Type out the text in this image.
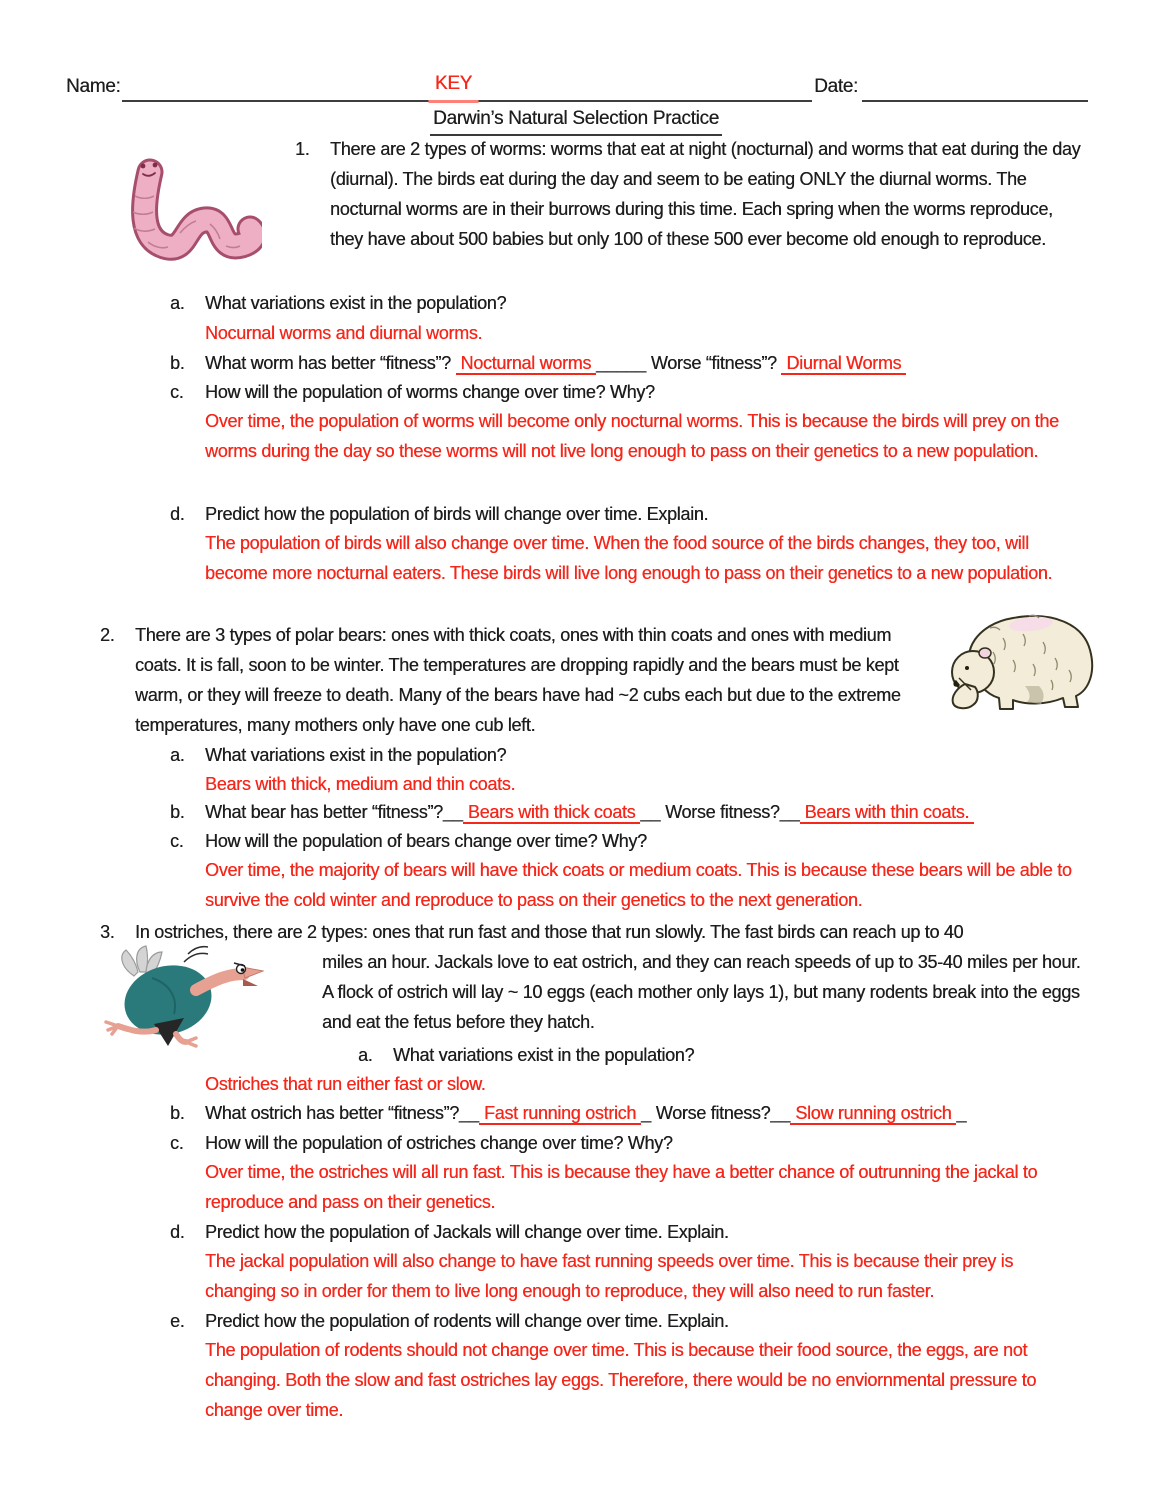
Name:	KEY	Date:
Darwin’s Natural Selection Practice
1.	There are 2 types of worms: worms that eat at night (nocturnal) and worms that eat during the day (diurnal). The birds eat during the day and seem to be eating ONLY the diurnal worms. The nocturnal worms are in their burrows during this time. Each spring when the worms reproduce, they have about 500 babies but only 100 of these 500 ever become old enough to reproduce.
a.	What variations exist in the population?
Nocurnal worms and diurnal worms.
b.	What worm has better “fitness”? Nocturnal worms _____ Worse “fitness”? Diurnal Worms
c.	How will the population of worms change over time? Why?
Over time, the population of worms will become only nocturnal worms. This is because the birds will prey on the worms during the day so these worms will not live long enough to pass on their genetics to a new population.
d.	Predict how the population of birds will change over time. Explain.
The population of birds will also change over time. When the food source of the birds changes, they too, will become more nocturnal eaters. These birds will live long enough to pass on their genetics to a new population.
2.	There are 3 types of polar bears: ones with thick coats, ones with thin coats and ones with medium coats. It is fall, soon to be winter. The temperatures are dropping rapidly and the bears must be kept warm, or they will freeze to death. Many of the bears have had ~2 cubs each but due to the extreme temperatures, many mothers only have one cub left.
a.	What variations exist in the population?
Bears with thick, medium and thin coats.
b.	What bear has better “fitness”?__ Bears with thick coats __ Worse fitness?__ Bears with thin coats.
c.	How will the population of bears change over time? Why?
Over time, the majority of bears will have thick coats or medium coats. This is because these bears will be able to survive the cold winter and reproduce to pass on their genetics to the next generation.
3.	In ostriches, there are 2 types: ones that run fast and those that run slowly. The fast birds can reach up to 40
miles an hour. Jackals love to eat ostrich, and they can reach speeds of up to 35-40 miles per hour. A flock of ostrich will lay ~ 10 eggs (each mother only lays 1), but many rodents break into the eggs and eat the fetus before they hatch.
a.	What variations exist in the population?
Ostriches that run either fast or slow.
b.	What ostrich has better “fitness”?__ Fast running ostrich _ Worse fitness?__ Slow running ostrich _
c.	How will the population of ostriches change over time? Why?
Over time, the ostriches will all run fast. This is because they have a better chance of outrunning the jackal to reproduce and pass on their genetics.
d.	Predict how the population of Jackals will change over time. Explain.
The jackal population will also change to have fast running speeds over time. This is because their prey is changing so in order for them to live long enough to reproduce, they will also need to run faster.
e.	Predict how the population of rodents will change over time. Explain.
The population of rodents should not change over time. This is because their food source, the eggs, are not changing. Both the slow and fast ostriches lay eggs. Therefore, there would be no enviornmental pressure to change over time.
